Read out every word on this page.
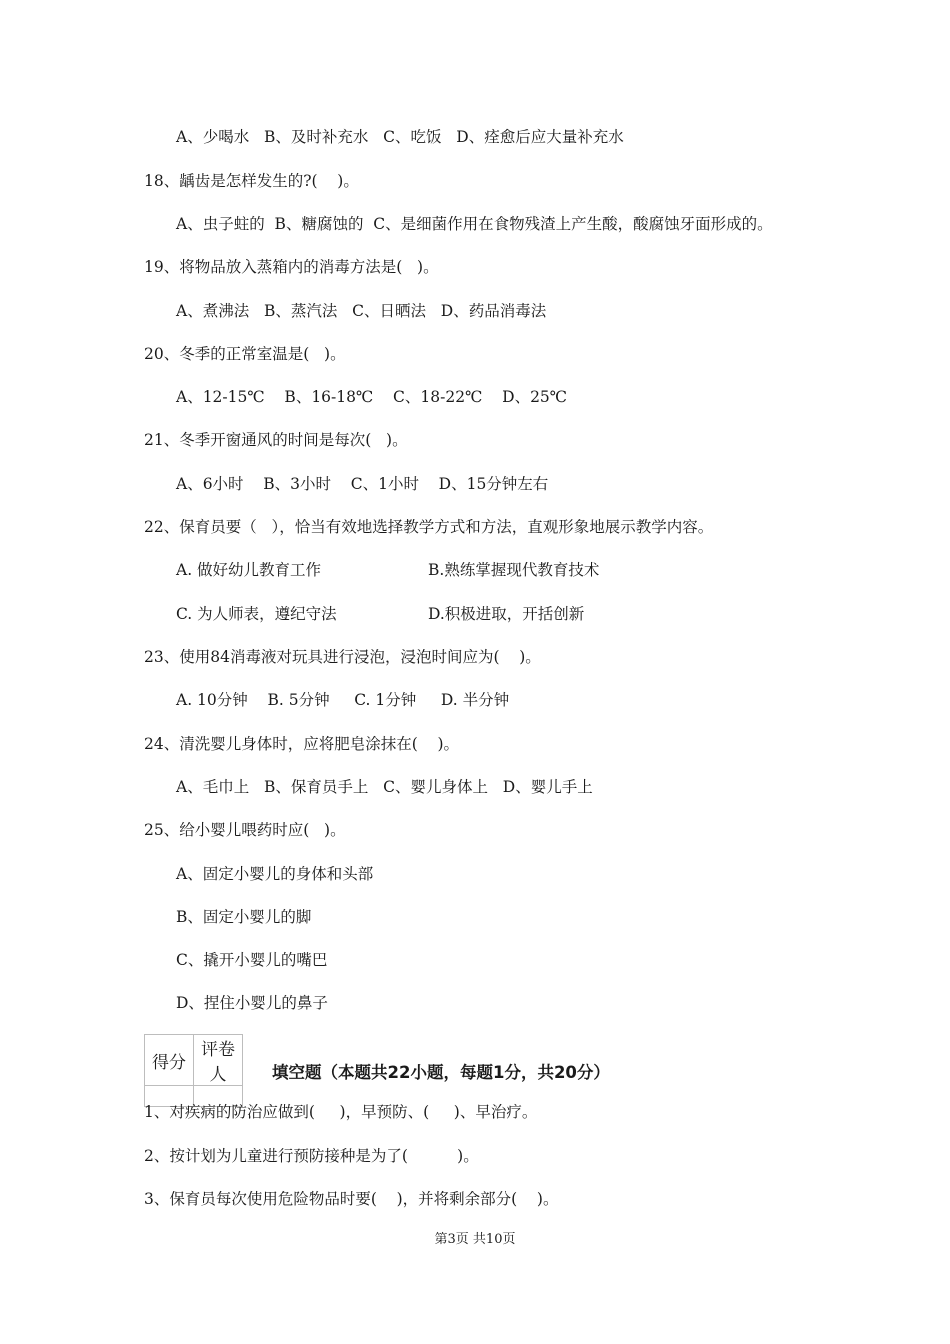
A、少喝水   B、及时补充水   C、吃饭   D、痊愈后应大量补充水
18、龋齿是怎样发生的?(    )。
A、虫子蛀的  B、糖腐蚀的  C、是细菌作用在食物残渣上产生酸，酸腐蚀牙面形成的。
19、将物品放入蒸箱内的消毒方法是(   )。
A、煮沸法   B、蒸汽法   C、日晒法   D、药品消毒法
20、冬季的正常室温是(   )。
A、12-15℃    B、16-18℃    C、18-22℃    D、25℃
21、冬季开窗通风的时间是每次(   )。
A、6小时    B、3小时    C、1小时    D、15分钟左右
22、保育员要（   ），恰当有效地选择教学方式和方法，直观形象地展示教学内容。
A. 做好幼儿教育工作	B.熟练掌握现代教育技术
C. 为人师表，遵纪守法	D.积极进取，开括创新
23、使用84消毒液对玩具进行浸泡，浸泡时间应为(    )。
A. 10分钟    B. 5分钟     C. 1分钟     D. 半分钟
24、清洗婴儿身体时，应将肥皂涂抹在(    )。
A、毛巾上   B、保育员手上   C、婴儿身体上   D、婴儿手上
25、给小婴儿喂药时应(   )。
A、固定小婴儿的身体和头部
B、固定小婴儿的脚
C、撬开小婴儿的嘴巴
D、捏住小婴儿的鼻子
得分	评卷人
		填空题（本题共22小题，每题1分，共20分）
1、对疾病的防治应做到(     )，早预防、(     )、早治疗。
2、按计划为儿童进行预防接种是为了(          )。
3、保育员每次使用危险物品时要(    )，并将剩余部分(    )。
第3页 共10页
